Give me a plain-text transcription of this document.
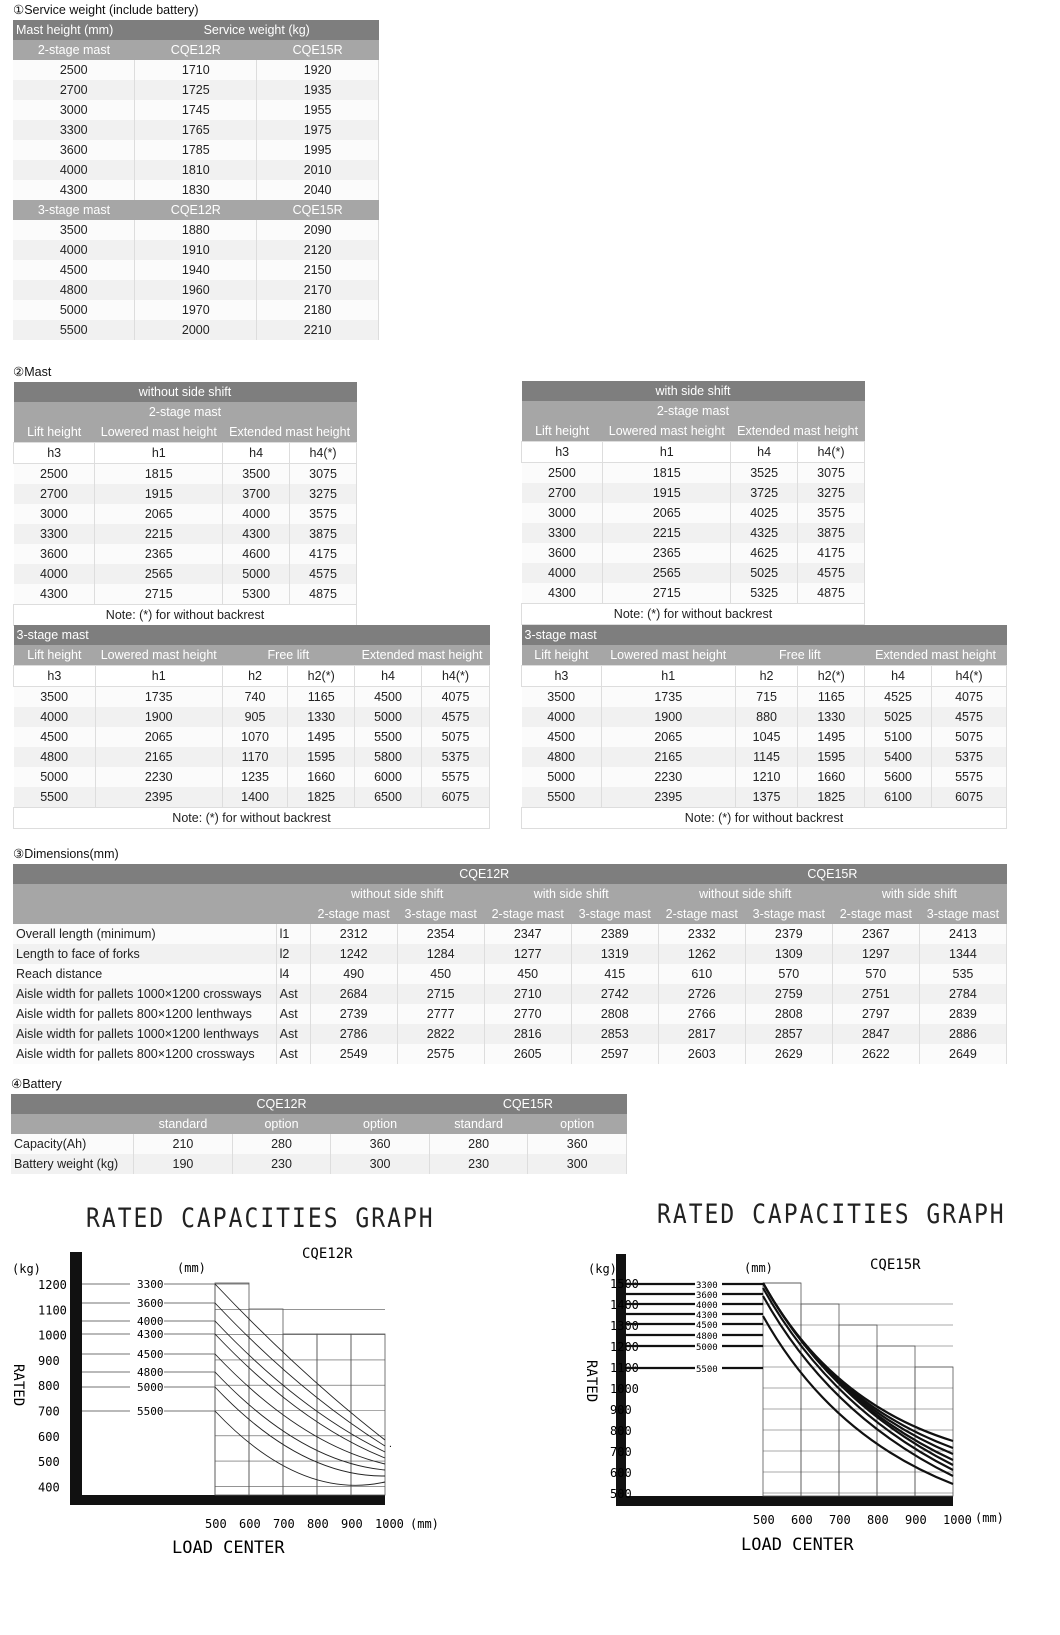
①Service weight (include battery)
Mast height (mm)	Service weight (kg)	
2-stage mast	CQE12R	CQE15R
2500	1710	1920
2700	1725	1935
3000	1745	1955
3300	1765	1975
3600	1785	1995
4000	1810	2010
4300	1830	2040
3-stage mast	CQE12R	CQE15R
3500	1880	2090
4000	1910	2120
4500	1940	2150
4800	1960	2170
5000	1970	2180
5500	2000	2210
②Mast
without side shift			
2-stage mast			
Lift height	Lowered mast height	Extended mast height	
h3	h1	h4	h4(*)
2500	1815	3500	3075
2700	1915	3700	3275
3000	2065	4000	3575
3300	2215	4300	3875
3600	2365	4600	4175
4000	2565	5000	4575
4300	2715	5300	4875
Note: (*) for without backrest			
with side shift			
2-stage mast			
Lift height	Lowered mast height	Extended mast height	
h3	h1	h4	h4(*)
2500	1815	3525	3075
2700	1915	3725	3275
3000	2065	4025	3575
3300	2215	4325	3875
3600	2365	4625	4175
4000	2565	5025	4575
4300	2715	5325	4875
Note: (*) for without backrest			
3-stage mast					
Lift height	Lowered mast height	Free lift		Extended mast height	
h3	h1	h2	h2(*)	h4	h4(*)
3500	1735	740	1165	4500	4075
4000	1900	905	1330	5000	4575
4500	2065	1070	1495	5500	5075
4800	2165	1170	1595	5800	5375
5000	2230	1235	1660	6000	5575
5500	2395	1400	1825	6500	6075
Note: (*) for without backrest					
3-stage mast					
Lift height	Lowered mast height	Free lift		Extended mast height	
h3	h1	h2	h2(*)	h4	h4(*)
3500	1735	715	1165	4525	4075
4000	1900	880	1330	5025	4575
4500	2065	1045	1495	5100	5075
4800	2165	1145	1595	5400	5375
5000	2230	1210	1660	5600	5575
5500	2395	1375	1825	6100	6075
Note: (*) for without backrest					
③Dimensions(mm)
		CQE12R				CQE15R			
		without side shift		with side shift		without side shift		with side shift	
		2-stage mast	3-stage mast	2-stage mast	3-stage mast	2-stage mast	3-stage mast	2-stage mast	3-stage mast
Overall length (minimum)	l1	2312	2354	2347	2389	2332	2379	2367	2413
Length to face of forks	l2	1242	1284	1277	1319	1262	1309	1297	1344
Reach distance	l4	490	450	450	415	610	570	570	535
Aisle width for pallets 1000×1200 crossways	Ast	2684	2715	2710	2742	2726	2759	2751	2784
Aisle width for pallets 800×1200 lenthways	Ast	2739	2777	2770	2808	2766	2808	2797	2839
Aisle width for pallets 1000×1200 lenthways	Ast	2786	2822	2816	2853	2817	2857	2847	2886
Aisle width for pallets 800×1200 crossways	Ast	2549	2575	2605	2597	2603	2629	2622	2649
④Battery
	CQE12R			CQE15R	
	standard	option	option	standard	option
Capacity(Ah)	210	280	360	280	360
Battery weight (kg)	190	230	300	230	300
RATED CAPACITIES GRAPH	RATED CAPACITIES GRAPH
(kg)	(mm)
CQE12R
RATED
1200
1100
1000
900
800
700
600
500
400
3300
3600
4000
4300
4500
4800
5000
5500
.
500 600 700 800 900 1000 (mm)
LOAD CENTER
(kg)	(mm)	CQE15R
RATED
1500
1400
1300
1200
1100
1000
900
800
700
600
500
3300
3600
4000
4300
4500
4800
5000
5500
500 600 700 800 900 1000 (mm)
LOAD CENTER
